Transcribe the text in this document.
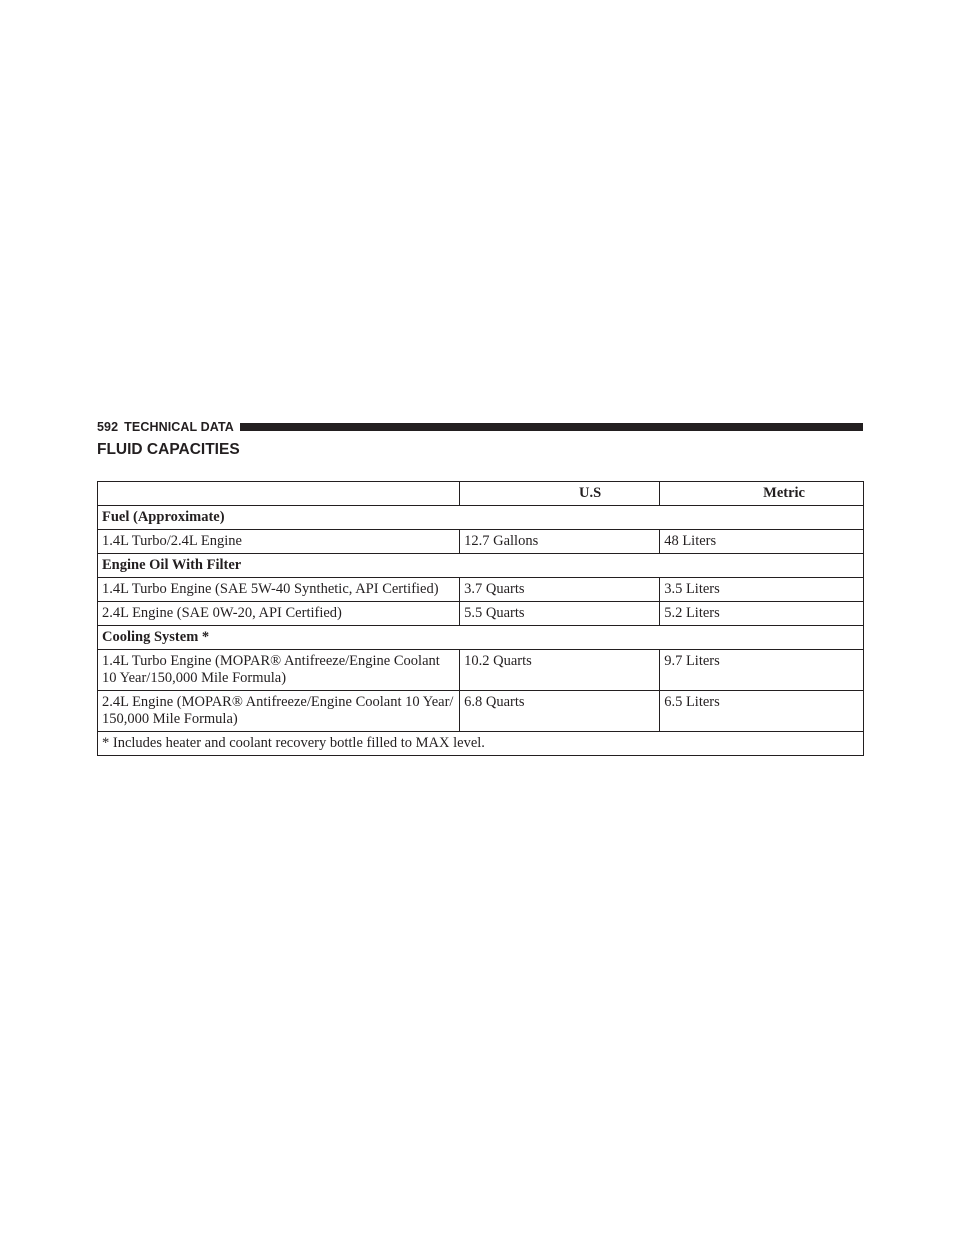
592 TECHNICAL DATA
FLUID CAPACITIES
	U.S	Metric
Fuel (Approximate)		
1.4L Turbo/2.4L Engine	12.7 Gallons	48 Liters
Engine Oil With Filter		
1.4L Turbo Engine (SAE 5W-40 Synthetic, API Certified)	3.7 Quarts	3.5 Liters
2.4L Engine (SAE 0W-20, API Certified)	5.5 Quarts	5.2 Liters
Cooling System *		
1.4L Turbo Engine (MOPAR® Antifreeze/Engine Coolant 10 Year/150,000 Mile Formula)	10.2 Quarts	9.7 Liters
2.4L Engine (MOPAR® Antifreeze/Engine Coolant 10 Year/ 150,000 Mile Formula)	6.8 Quarts	6.5 Liters
* Includes heater and coolant recovery bottle filled to MAX level.		
